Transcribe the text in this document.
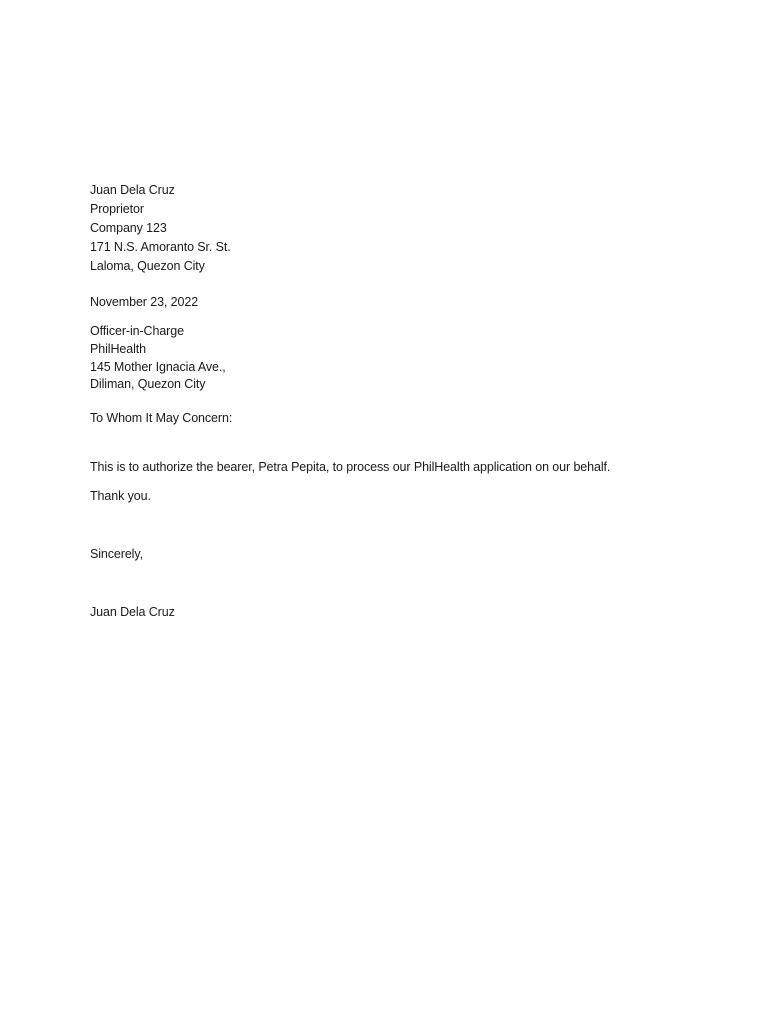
Juan Dela Cruz

Proprietor

Company 123

171 N.S. Amoranto Sr. St.

Laloma, Quezon City

November 23, 2022

Officer-in-Charge

PhilHealth

145 Mother Ignacia Ave.,

Diliman, Quezon City

To Whom It May Concern:

This is to authorize the bearer, Petra Pepita, to process our PhilHealth application on our behalf.

Thank you.

Sincerely,

Juan Dela Cruz
